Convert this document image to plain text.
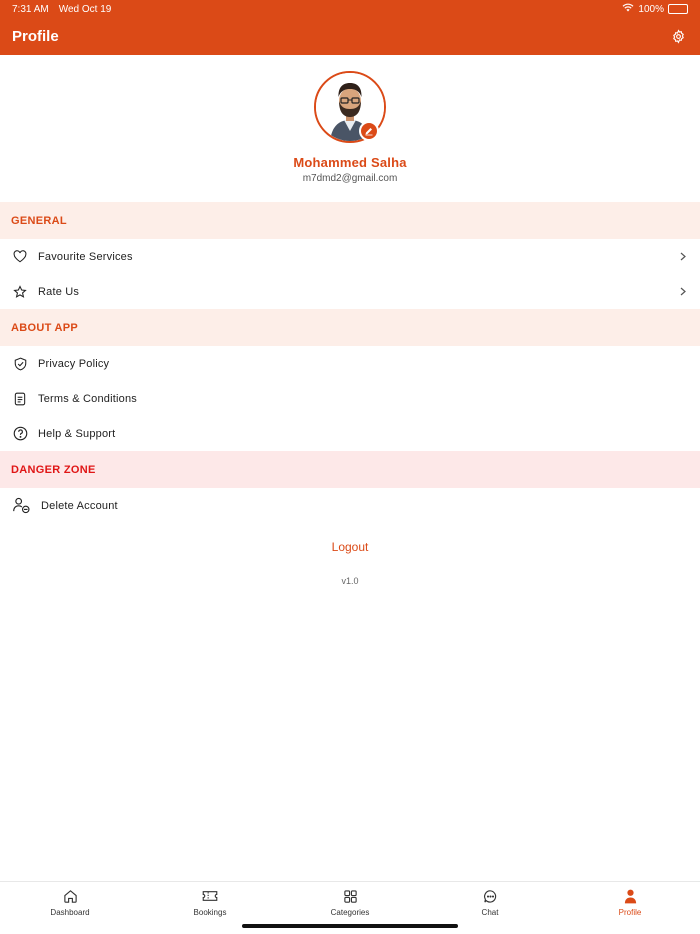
7:31 AM Wed Oct 19	100%
Profile
Mohammed Salha
m7dmd2@gmail.com
GENERAL
Favourite Services
Rate Us
ABOUT APP
Privacy Policy
Terms & Conditions
Help & Support
DANGER ZONE
Delete Account
Logout
v1.0
Dashboard	Bookings	Categories	Chat	Profile
